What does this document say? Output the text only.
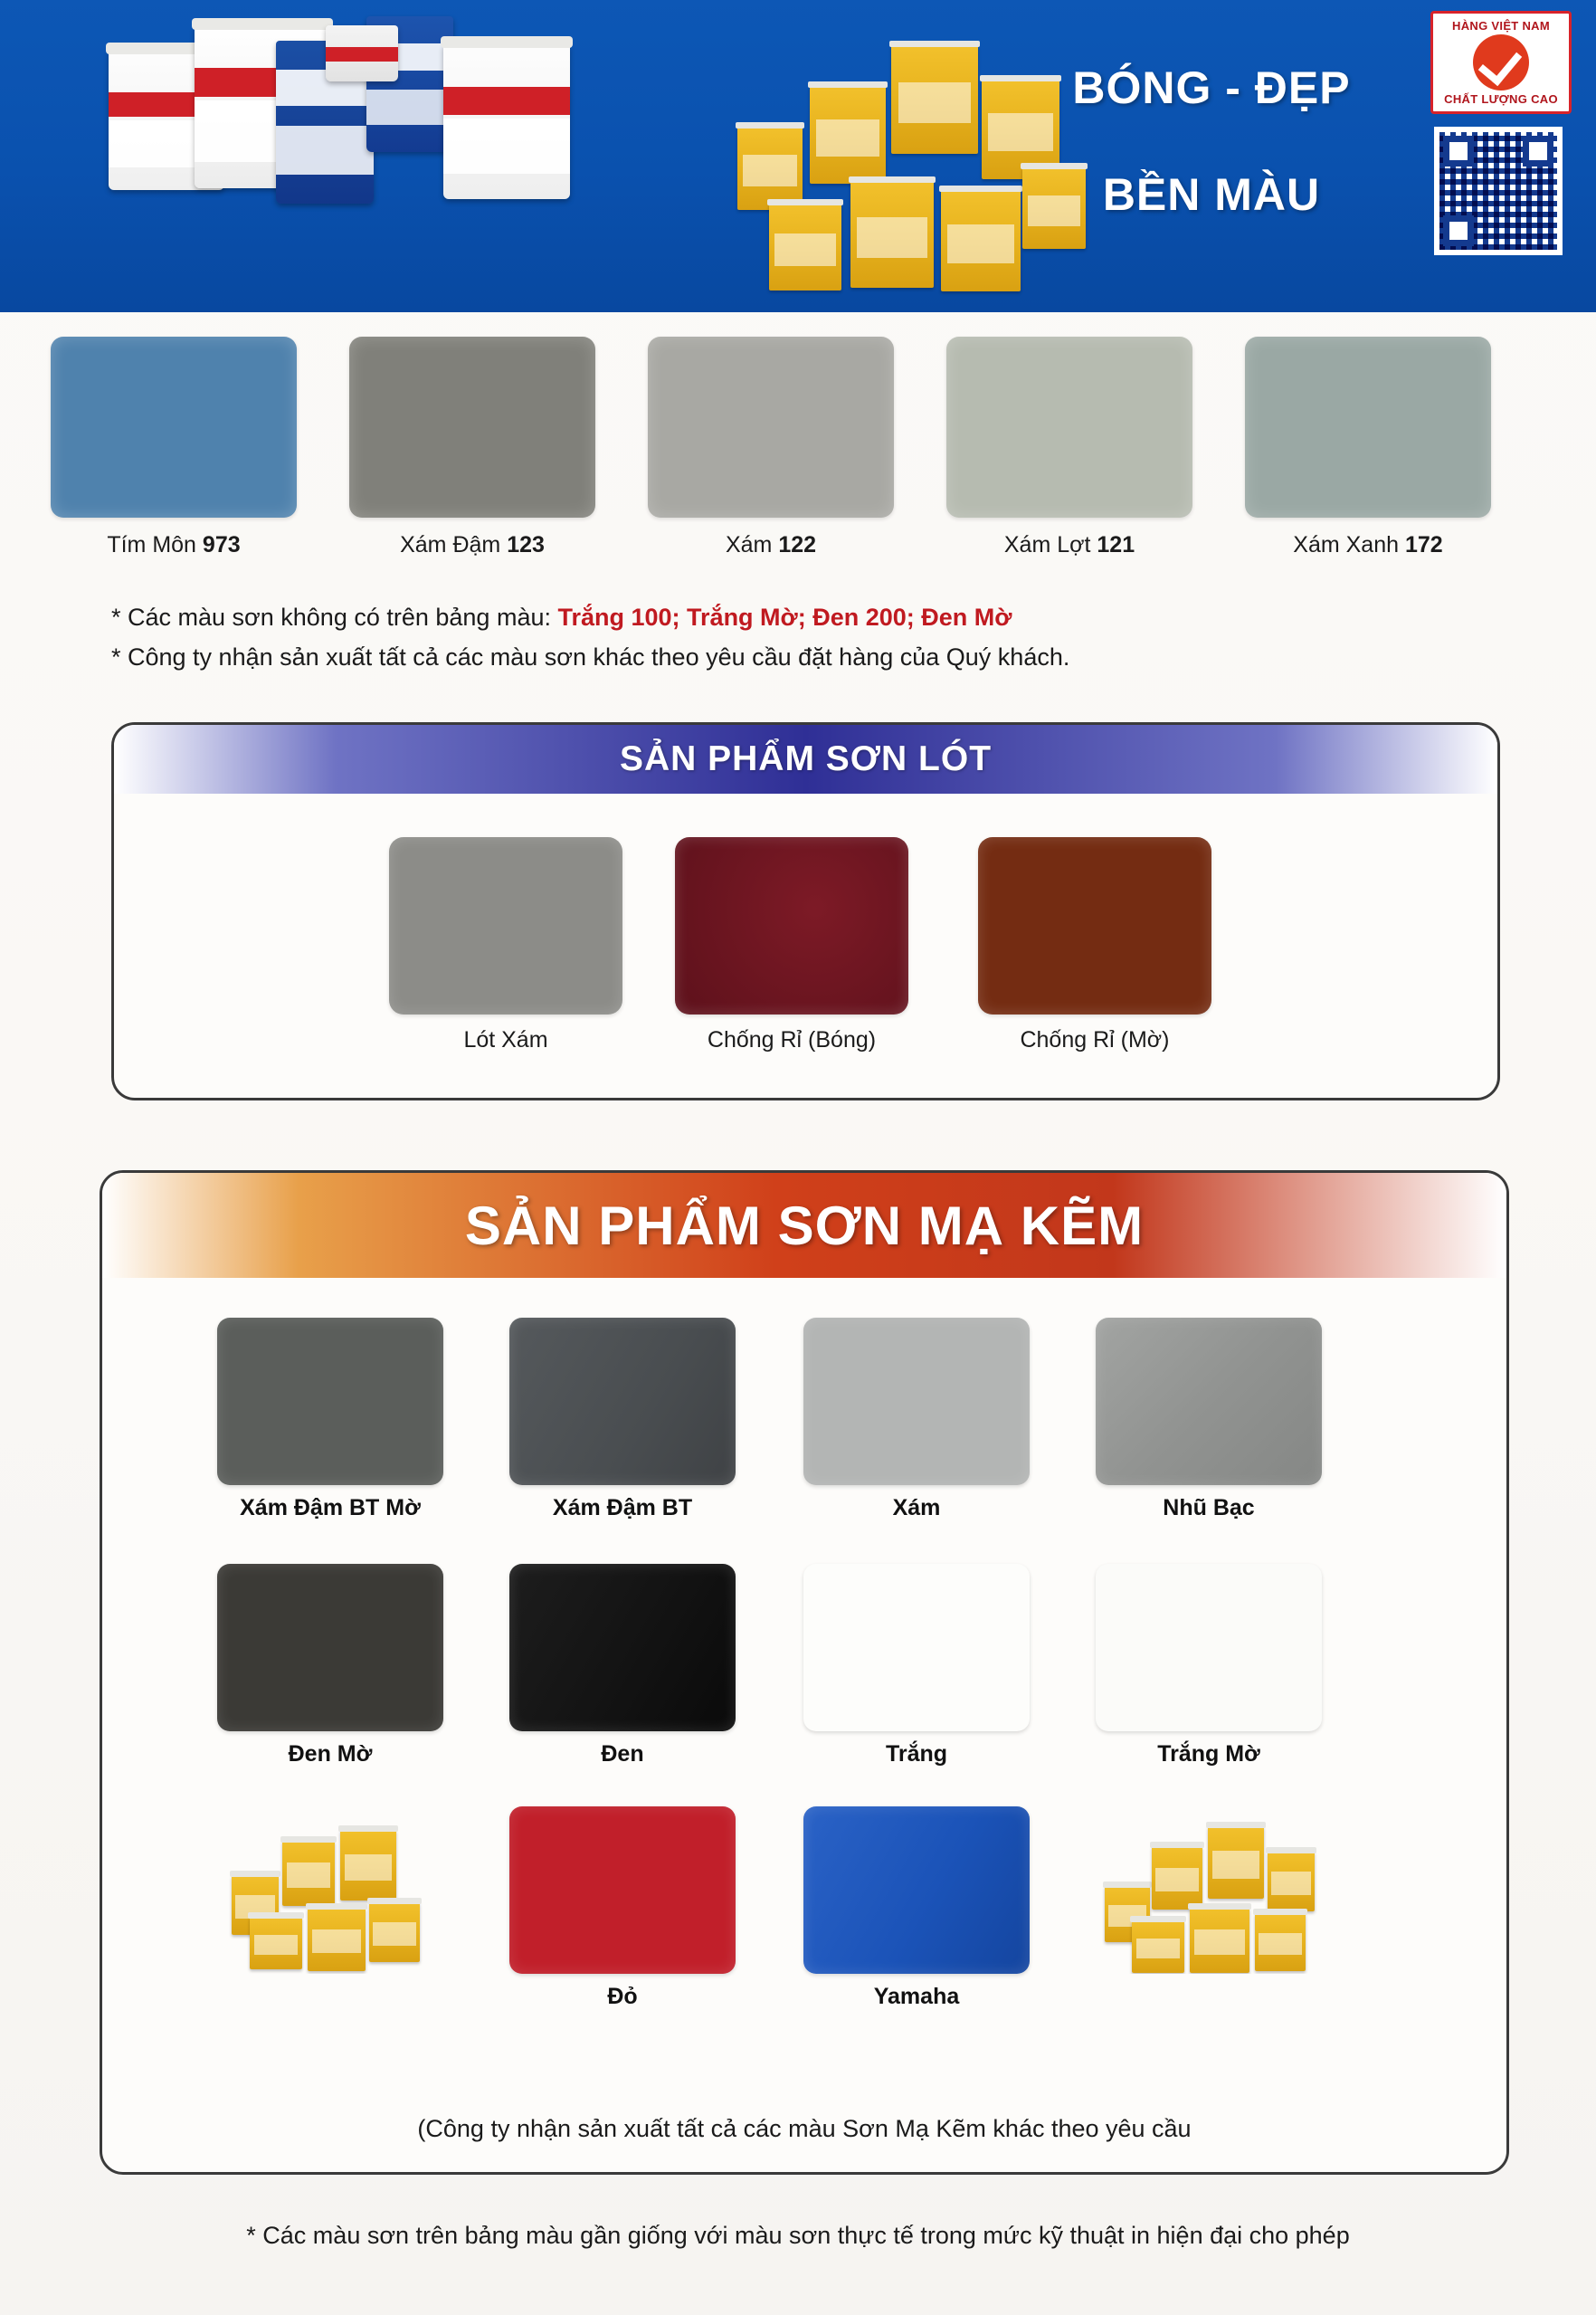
BÓNG - ĐẸP
BỀN MÀU
HÀNG VIỆT NAM
CHẤT LƯỢNG CAO
Tím Môn 973	Xám Đậm 123	Xám 122	Xám Lợt 121	Xám Xanh 172
* Các màu sơn không có trên bảng màu: Trắng 100; Trắng Mờ; Đen 200; Đen Mờ
* Công ty nhận sản xuất tất cả các màu sơn khác theo yêu cầu đặt hàng của Quý khách.
SẢN PHẨM SƠN LÓT
Lót Xám	Chống Rỉ (Bóng)	Chống Rỉ (Mờ)
SẢN PHẨM SƠN MẠ KẼM
Xám Đậm BT Mờ	Xám Đậm BT	Xám	Nhũ Bạc
Đen Mờ	Đen	Trắng	Trắng Mờ
Đỏ	Yamaha
(Công ty nhận sản xuất tất cả các màu Sơn Mạ Kẽm khác theo yêu cầu
* Các màu sơn trên bảng màu gần giống với màu sơn thực tế trong mức kỹ thuật in hiện đại cho phép
